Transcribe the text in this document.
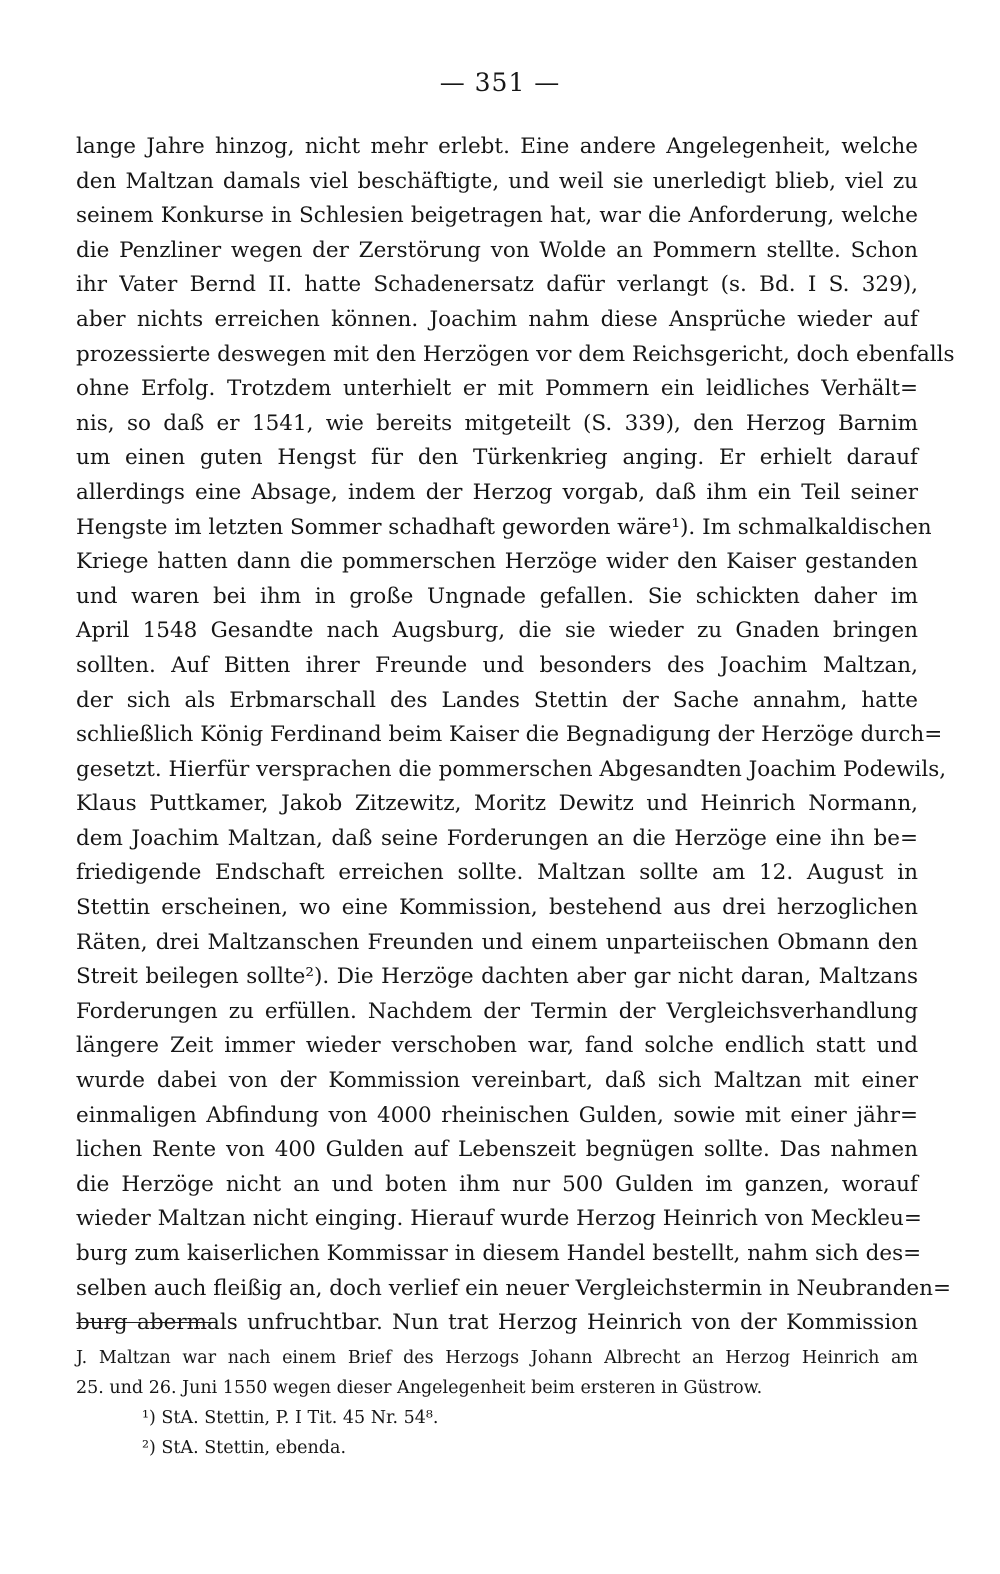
— 351 —
lange Jahre hinzog, nicht mehr erlebt. Eine andere Angelegenheit, welche
den Maltzan damals viel beschäftigte, und weil sie unerledigt blieb, viel zu
seinem Konkurse in Schlesien beigetragen hat, war die Anforderung, welche
die Penzliner wegen der Zerstörung von Wolde an Pommern stellte. Schon
ihr Vater Bernd II. hatte Schadenersatz dafür verlangt (s. Bd. I S. 329),
aber nichts erreichen können. Joachim nahm diese Ansprüche wieder auf
prozessierte deswegen mit den Herzögen vor dem Reichsgericht, doch ebenfalls
ohne Erfolg. Trotzdem unterhielt er mit Pommern ein leidliches Verhält=
nis, so daß er 1541, wie bereits mitgeteilt (S. 339), den Herzog Barnim
um einen guten Hengst für den Türkenkrieg anging. Er erhielt darauf
allerdings eine Absage, indem der Herzog vorgab, daß ihm ein Teil seiner
Hengste im letzten Sommer schadhaft geworden wäre¹). Im schmalkaldischen
Kriege hatten dann die pommerschen Herzöge wider den Kaiser gestanden
und waren bei ihm in große Ungnade gefallen. Sie schickten daher im
April 1548 Gesandte nach Augsburg, die sie wieder zu Gnaden bringen
sollten. Auf Bitten ihrer Freunde und besonders des Joachim Maltzan,
der sich als Erbmarschall des Landes Stettin der Sache annahm, hatte
schließlich König Ferdinand beim Kaiser die Begnadigung der Herzöge durch=
gesetzt. Hierfür versprachen die pommerschen Abgesandten Joachim Podewils,
Klaus Puttkamer, Jakob Zitzewitz, Moritz Dewitz und Heinrich Normann,
dem Joachim Maltzan, daß seine Forderungen an die Herzöge eine ihn be=
friedigende Endschaft erreichen sollte. Maltzan sollte am 12. August in
Stettin erscheinen, wo eine Kommission, bestehend aus drei herzoglichen
Räten, drei Maltzanschen Freunden und einem unparteiischen Obmann den
Streit beilegen sollte²). Die Herzöge dachten aber gar nicht daran, Maltzans
Forderungen zu erfüllen. Nachdem der Termin der Vergleichsverhandlung
längere Zeit immer wieder verschoben war, fand solche endlich statt und
wurde dabei von der Kommission vereinbart, daß sich Maltzan mit einer
einmaligen Abfindung von 4000 rheinischen Gulden, sowie mit einer jähr=
lichen Rente von 400 Gulden auf Lebenszeit begnügen sollte. Das nahmen
die Herzöge nicht an und boten ihm nur 500 Gulden im ganzen, worauf
wieder Maltzan nicht einging. Hierauf wurde Herzog Heinrich von Meckleu=
burg zum kaiserlichen Kommissar in diesem Handel bestellt, nahm sich des=
selben auch fleißig an, doch verlief ein neuer Vergleichstermin in Neubranden=
burg abermals unfruchtbar. Nun trat Herzog Heinrich von der Kommission
J. Maltzan war nach einem Brief des Herzogs Johann Albrecht an Herzog Heinrich am
25. und 26. Juni 1550 wegen dieser Angelegenheit beim ersteren in Güstrow.
¹) StA. Stettin, P. I Tit. 45 Nr. 54⁸.
²) StA. Stettin, ebenda.
